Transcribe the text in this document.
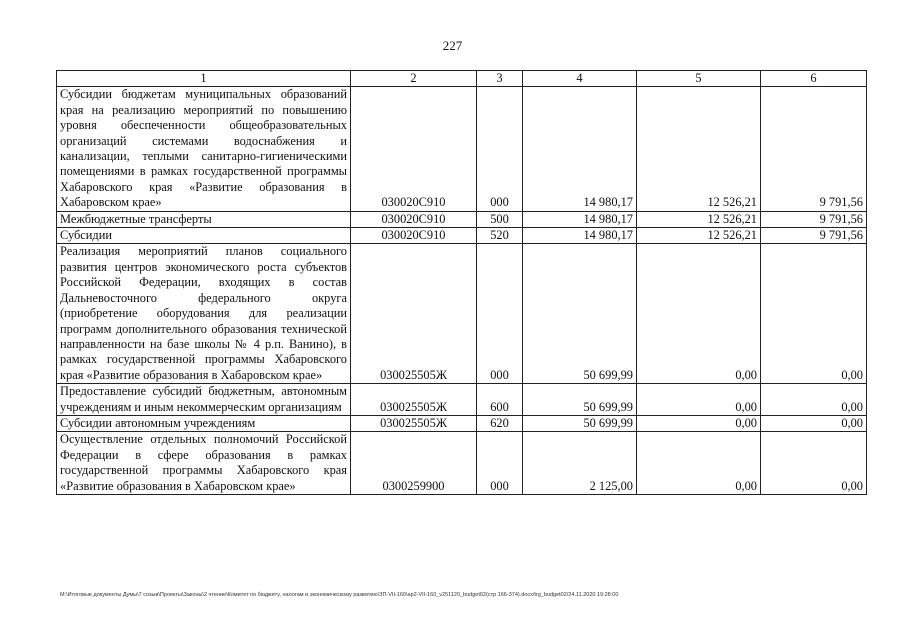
227
1	2	3	4	5	6
Субсидии бюджетам муниципальных образований края на реализацию мероприятий по повышению уровня обеспеченности общеобразовательных организаций системами водоснабжения и канализации, теплыми санитарно-гигиеническими помещениями в рамках государственной программы Хабаровского края «Развитие образования в Хабаровском крае»	030020С910	000	14 980,17	12 526,21	9 791,56
Межбюджетные трансферты	030020С910	500	14 980,17	12 526,21	9 791,56
Субсидии	030020С910	520	14 980,17	12 526,21	9 791,56
Реализация мероприятий планов социального развития центров экономического роста субъектов Российской Федерации, входящих в состав Дальневосточного федерального округа (приобретение оборудования для реализации программ дополнительного образования технической направленности на базе школы № 4 р.п. Ванино), в рамках государственной программы Хабаровского края «Развитие образования в Хабаровском крае»	030025505Ж	000	50 699,99	0,00	0,00
Предоставление субсидий бюджетным, автономным учреждениям и иным некоммерческим организациям	030025505Ж	600	50 699,99	0,00	0,00
Субсидии автономным учреждениям	030025505Ж	620	50 699,99	0,00	0,00
Осуществление отдельных полномочий Российской Федерации в сфере образования в рамках государственной программы Хабаровского края «Развитие образования в Хабаровском крае»	0300259900	000	2 125,00	0,00	0,00
M:\Итоговые документы Думы\7 созыв\Проекты\Законы\2 чтение\Комитет по бюджету, налогам и экономическому развитию\ЗП-VII-160\ap2-VII-160_v251120_budget02(стр 166-374).docx/trg_budget02/24.11.2020 19:28:00
